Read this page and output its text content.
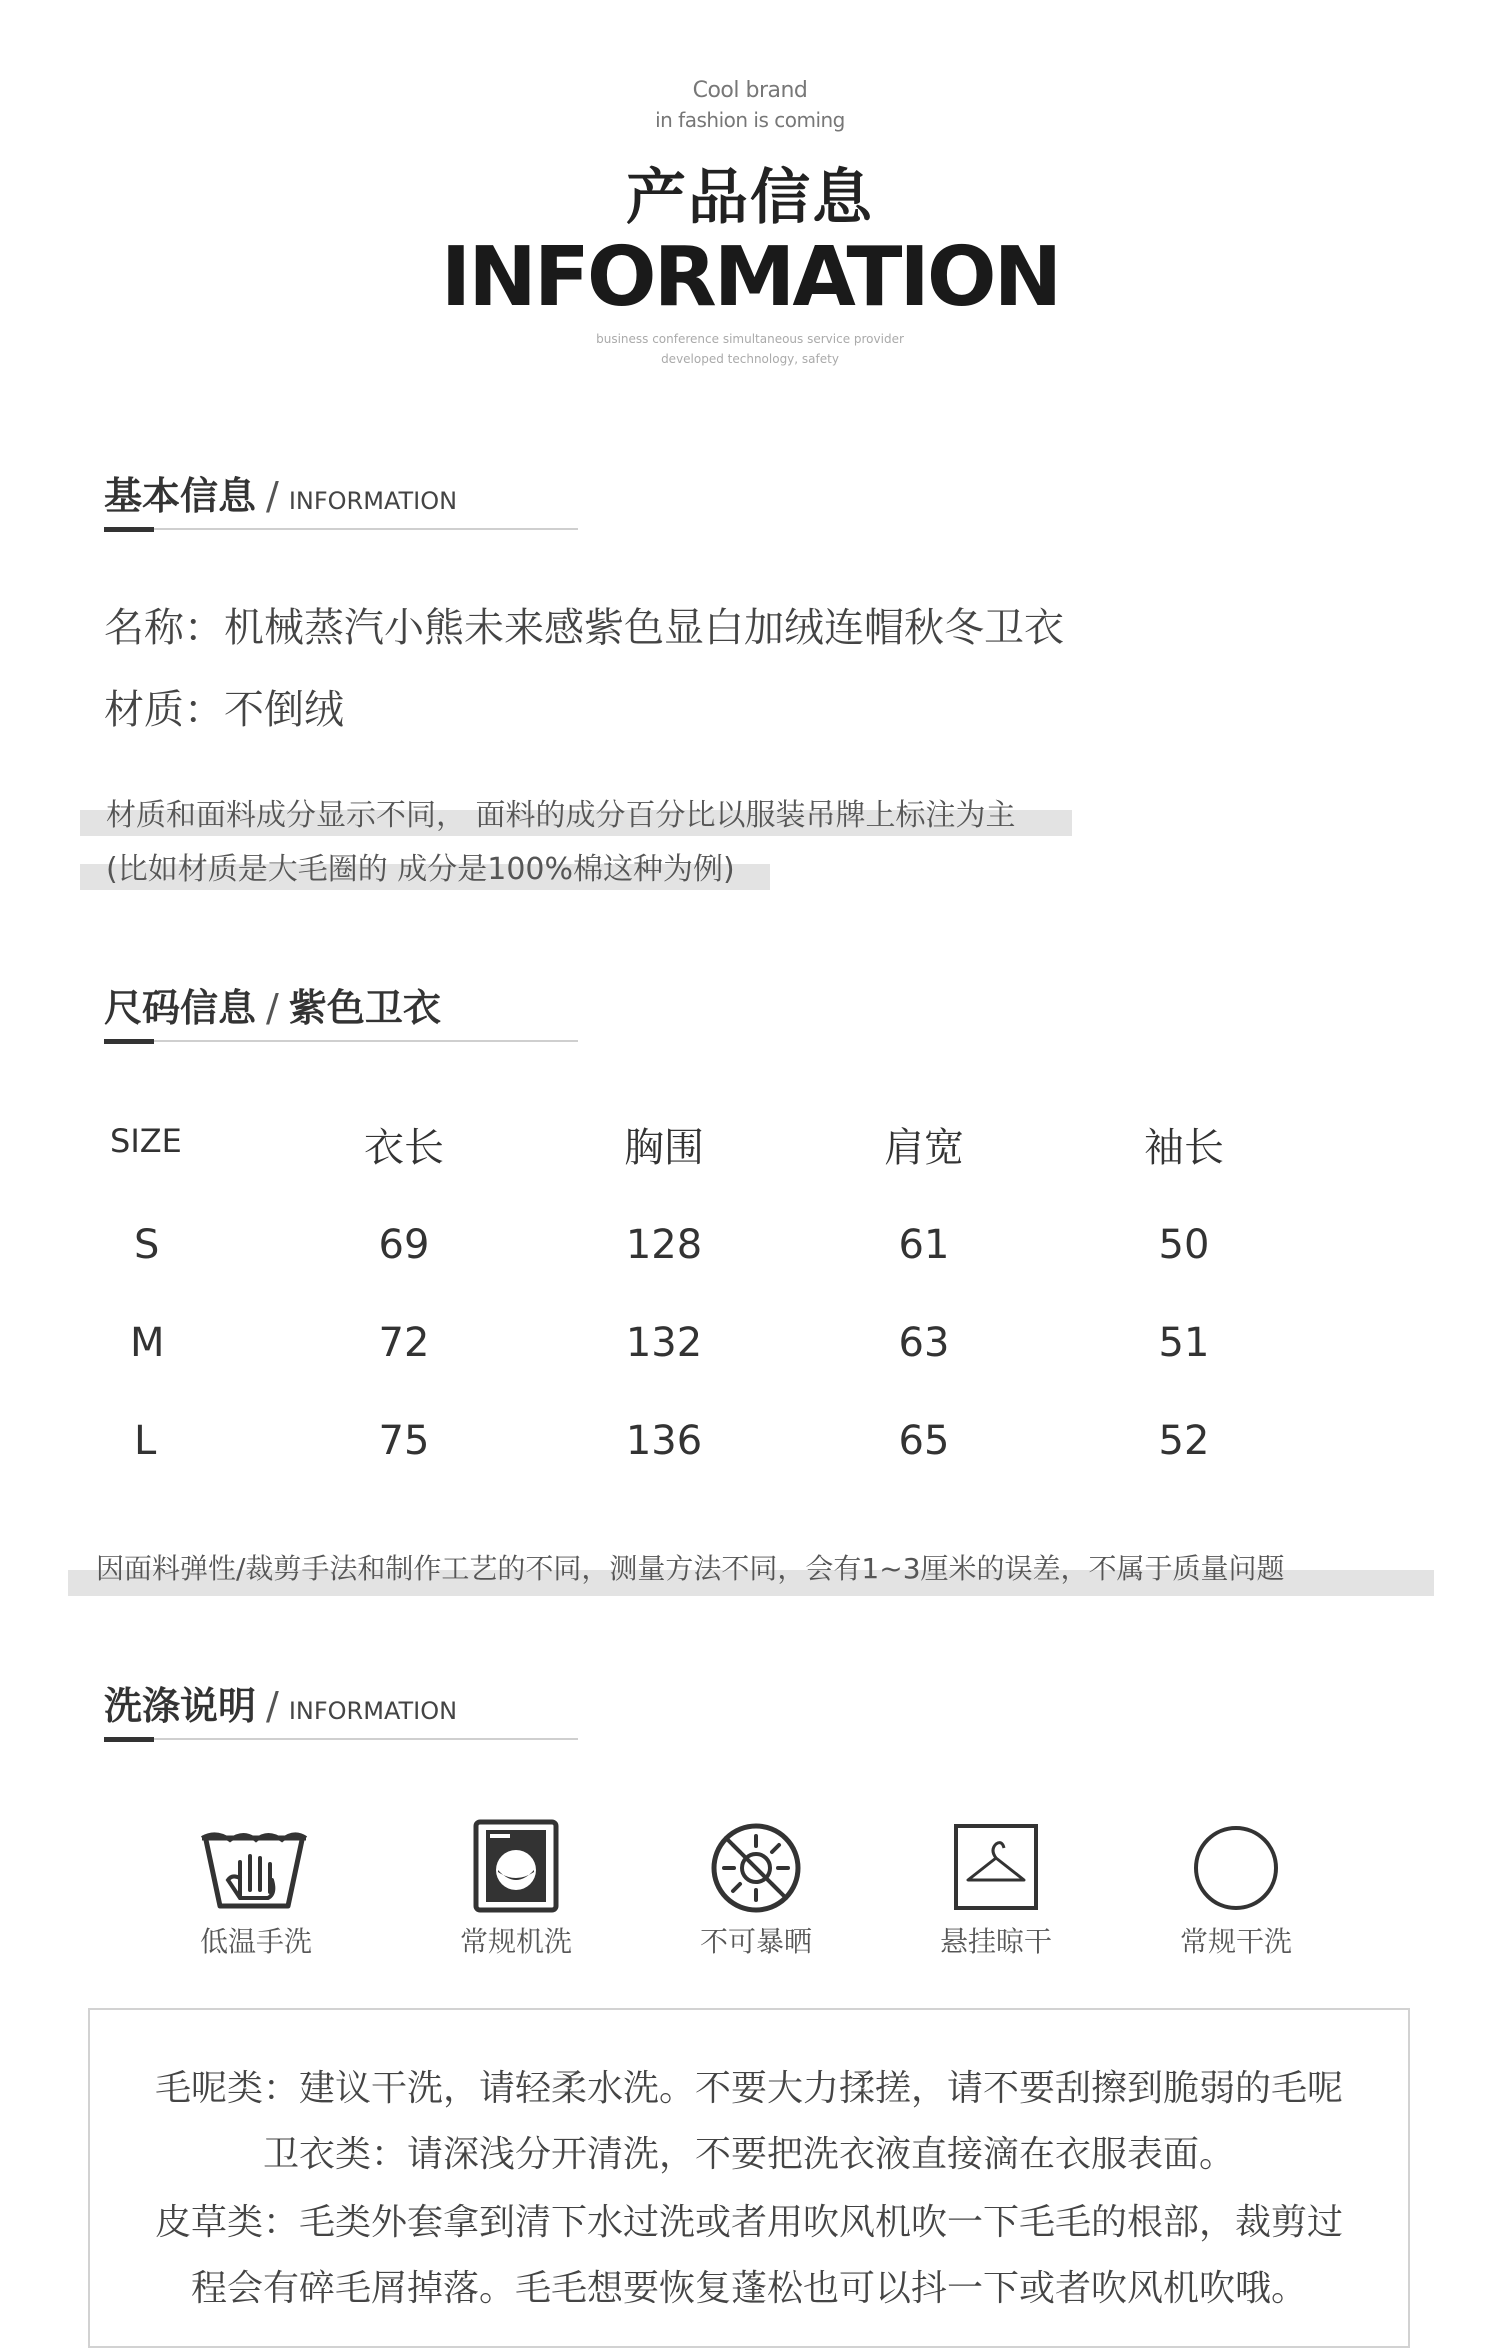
Cool brand
in fashion is coming
产品信息
INFORMATION
business conference simultaneous service provider
developed technology, safety
基本信息 / INFORMATION
名称：机械蒸汽小熊未来感紫色显白加绒连帽秋冬卫衣
材质：不倒绒
材质和面料成分显示不同， 面料的成分百分比以服装吊牌上标注为主
(比如材质是大毛圈的 成分是100%棉这种为例)
尺码信息 / 紫色卫衣
SIZE	衣长	胸围	肩宽	袖长
S	69	128	61	50
M	72	132	63	51
L	75	136	65	52
因面料弹性/裁剪手法和制作工艺的不同，测量方法不同，会有1~3厘米的误差，不属于质量问题
洗涤说明 / INFORMATION
低温手洗	常规机洗	不可暴晒	悬挂晾干	常规干洗
毛呢类：建议干洗，请轻柔水洗。不要大力揉搓，请不要刮擦到脆弱的毛呢
卫衣类：请深浅分开清洗，不要把洗衣液直接滴在衣服表面。
皮草类：毛类外套拿到清下水过洗或者用吹风机吹一下毛毛的根部，裁剪过
程会有碎毛屑掉落。毛毛想要恢复蓬松也可以抖一下或者吹风机吹哦。
